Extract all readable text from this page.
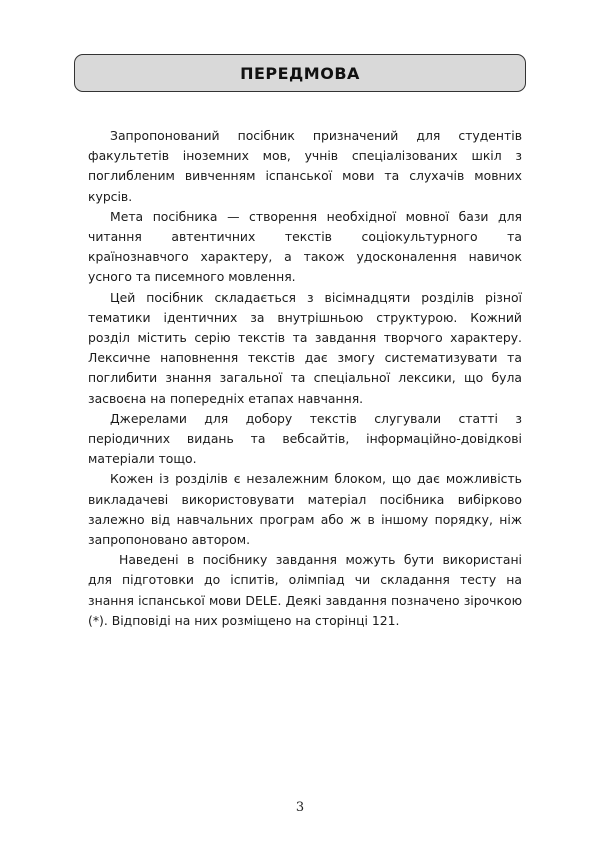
ПЕРЕДМОВА

Запропонований посібник призначений для студентів факультетів іноземних мов, учнів спеціалізованих шкіл з поглибленим вивченням іспанської мови та слухачів мовних курсів.

Мета посібника — створення необхідної мовної бази для читання автентичних текстів соціокультурного та країнознавчого характеру, а також удосконалення навичок усного та писемного мовлення.

Цей посібник складається з вісімнадцяти розділів різної тематики ідентичних за внутрішньою структурою. Кожний розділ містить серію текстів та завдання творчого характеру. Лексичне наповнення текстів дає змогу систематизувати та поглибити знання загальної та спеціальної лексики, що була засвоєна на попередніх етапах навчання.

Джерелами для добору текстів слугували статті з періодичних видань та вебсайтів, інформаційно-довідкові матеріали тощо.

Кожен із розділів є незалежним блоком, що дає можливість викладачеві використовувати матеріал посібника вибірково залежно від навчальних програм або ж в іншому порядку, ніж запропоновано автором.

Наведені в посібнику завдання можуть бути використані для підготовки до іспитів, олімпіад чи складання тесту на знання іспанської мови DELE. Деякі завдання позначено зірочкою (*). Відповіді на них розміщено на сторінці 121.

3
